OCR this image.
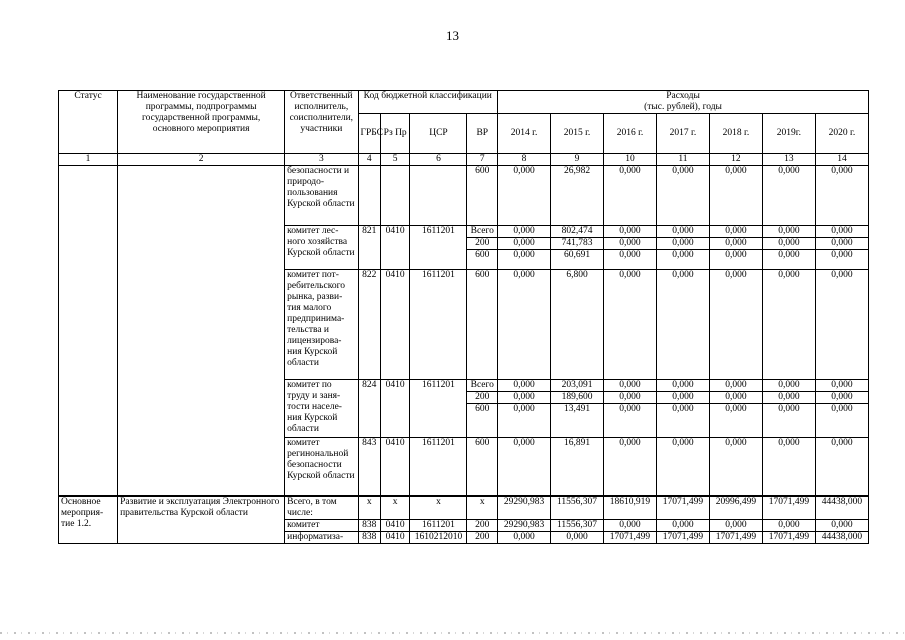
13
Статус	Наименование государственной программы, подпрограммы государственной программы, основного мероприятия	Ответственный исполнитель, соисполнители, участники	Код бюджетной классификации				Расходы
(тыс. рублей), годы						
			ГРБС	Рз Пр	ЦСР	ВР	2014 г.	2015 г.	2016 г.	2017 г.	2018 г.	2019г.	2020 г.
1	2	3	4	5	6	7	8	9	10	11	12	13	14
		безопасности и природо-пользования Курской области				600	0,000	26,982	0,000	0,000	0,000	0,000	0,000
		комитет лес-ного хозяйства Курской области	821	0410	1611201	Всего	0,000	802,474	0,000	0,000	0,000	0,000	0,000
						200	0,000	741,783	0,000	0,000	0,000	0,000	0,000
						600	0,000	60,691	0,000	0,000	0,000	0,000	0,000
		комитет пот-ребительского рынка, разви-тия малого предпринима-тельства и лицензирова-ния Курской области	822	0410	1611201	600	0,000	6,800	0,000	0,000	0,000	0,000	0,000
		комитет по труду и заня-тости населе-ния Курской области	824	0410	1611201	Всего	0,000	203,091	0,000	0,000	0,000	0,000	0,000
						200	0,000	189,600	0,000	0,000	0,000	0,000	0,000
						600	0,000	13,491	0,000	0,000	0,000	0,000	0,000
		комитет регинональной безопасности Курской области	843	0410	1611201	600	0,000	16,891	0,000	0,000	0,000	0,000	0,000
Основное мероприя-тие 1.2.	Развитие и эксплуатация Электронного правительства Курской области	Всего, в том числе:	х	х	х	х	29290,983	11556,307	18610,919	17071,499	20996,499	17071,499	44438,000
		комитет	838	0410	1611201	200	29290,983	11556,307	0,000	0,000	0,000	0,000	0,000
		информатиза-	838	0410	1610212010	200	0,000	0,000	17071,499	17071,499	17071,499	17071,499	44438,000
